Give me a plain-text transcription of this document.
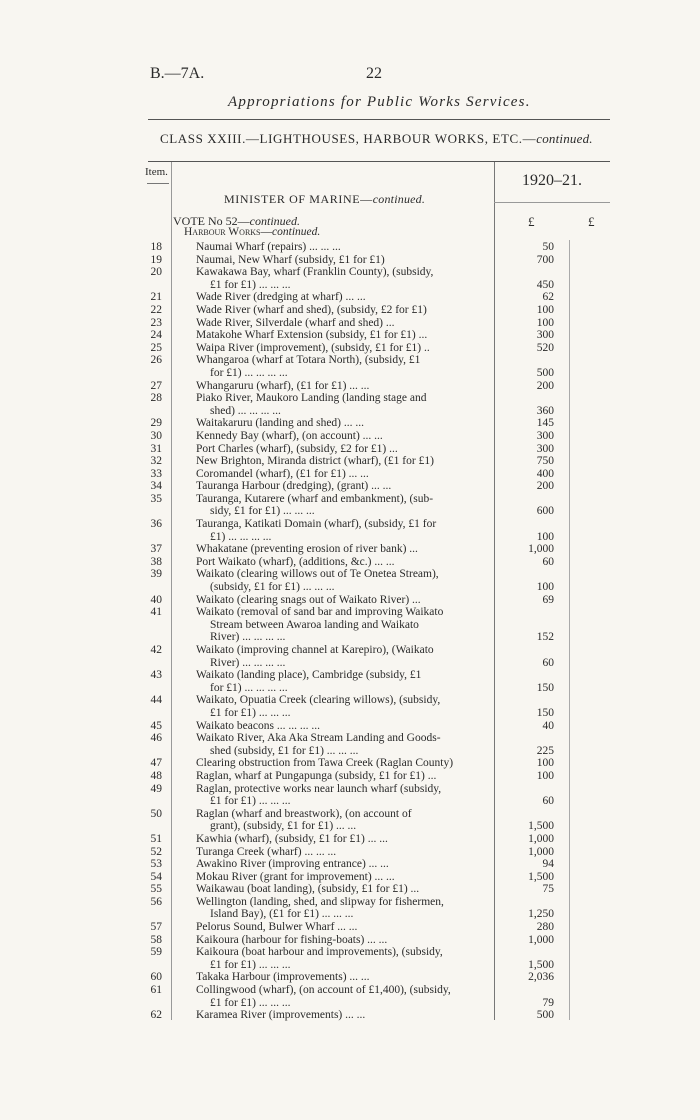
B.—7A.	22
Appropriations for Public Works Services.
CLASS XXIII.—LIGHTHOUSES, HARBOUR WORKS, ETC.—continued.
Item.	1920–21.
MINISTER OF MARINE—continued.
£	£
VOTE No 52—continued.
Harbour Works—continued.
18	Naumai Wharf (repairs) ... ... ...	50
19	Naumai, New Wharf (subsidy, £1 for £1)	700
20	Kawakawa Bay, wharf (Franklin County), (subsidy,
£1 for £1) ... ... ...	450
21	Wade River (dredging at wharf) ... ...	62
22	Wade River (wharf and shed), (subsidy, £2 for £1)	100
23	Wade River, Silverdale (wharf and shed) ...	100
24	Matakohe Wharf Extension (subsidy, £1 for £1) ...	300
25	Waipa River (improvement), (subsidy, £1 for £1) ..	520
26	Whangaroa (wharf at Totara North), (subsidy, £1
for £1) ... ... ... ...	500
27	Whangaruru (wharf), (£1 for £1) ... ...	200
28	Piako River, Maukoro Landing (landing stage and
shed) ... ... ... ...	360
29	Waitakaruru (landing and shed) ... ...	145
30	Kennedy Bay (wharf), (on account) ... ...	300
31	Port Charles (wharf), (subsidy, £2 for £1) ...	300
32	New Brighton, Miranda district (wharf), (£1 for £1)	750
33	Coromandel (wharf), (£1 for £1) ... ...	400
34	Tauranga Harbour (dredging), (grant) ... ...	200
35	Tauranga, Kutarere (wharf and embankment), (sub-
sidy, £1 for £1) ... ... ...	600
36	Tauranga, Katikati Domain (wharf), (subsidy, £1 for
£1) ... ... ... ...	100
37	Whakatane (preventing erosion of river bank) ...	1,000
38	Port Waikato (wharf), (additions, &c.) ... ...	60
39	Waikato (clearing willows out of Te Onetea Stream),
(subsidy, £1 for £1) ... ... ...	100
40	Waikato (clearing snags out of Waikato River) ...	69
41	Waikato (removal of sand bar and improving Waikato
Stream between Awaroa landing and Waikato
River) ... ... ... ...	152
42	Waikato (improving channel at Karepiro), (Waikato
River) ... ... ... ...	60
43	Waikato (landing place), Cambridge (subsidy, £1
for £1) ... ... ... ...	150
44	Waikato, Opuatia Creek (clearing willows), (subsidy,
£1 for £1) ... ... ...	150
45	Waikato beacons ... ... ... ...	40
46	Waikato River, Aka Aka Stream Landing and Goods-
shed (subsidy, £1 for £1) ... ... ...	225
47	Clearing obstruction from Tawa Creek (Raglan County)	100
48	Raglan, wharf at Pungapunga (subsidy, £1 for £1) ...	100
49	Raglan, protective works near launch wharf (subsidy,
£1 for £1) ... ... ...	60
50	Raglan (wharf and breastwork), (on account of
grant), (subsidy, £1 for £1) ... ...	1,500
51	Kawhia (wharf), (subsidy, £1 for £1) ... ...	1,000
52	Turanga Creek (wharf) ... ... ...	1,000
53	Awakino River (improving entrance) ... ...	94
54	Mokau River (grant for improvement) ... ...	1,500
55	Waikawau (boat landing), (subsidy, £1 for £1) ...	75
56	Wellington (landing, shed, and slipway for fishermen,
Island Bay), (£1 for £1) ... ... ...	1,250
57	Pelorus Sound, Bulwer Wharf ... ...	280
58	Kaikoura (harbour for fishing-boats) ... ...	1,000
59	Kaikoura (boat harbour and improvements), (subsidy,
£1 for £1) ... ... ...	1,500
60	Takaka Harbour (improvements) ... ...	2,036
61	Collingwood (wharf), (on account of £1,400), (subsidy,
£1 for £1) ... ... ...	79
62	Karamea River (improvements) ... ...	500
